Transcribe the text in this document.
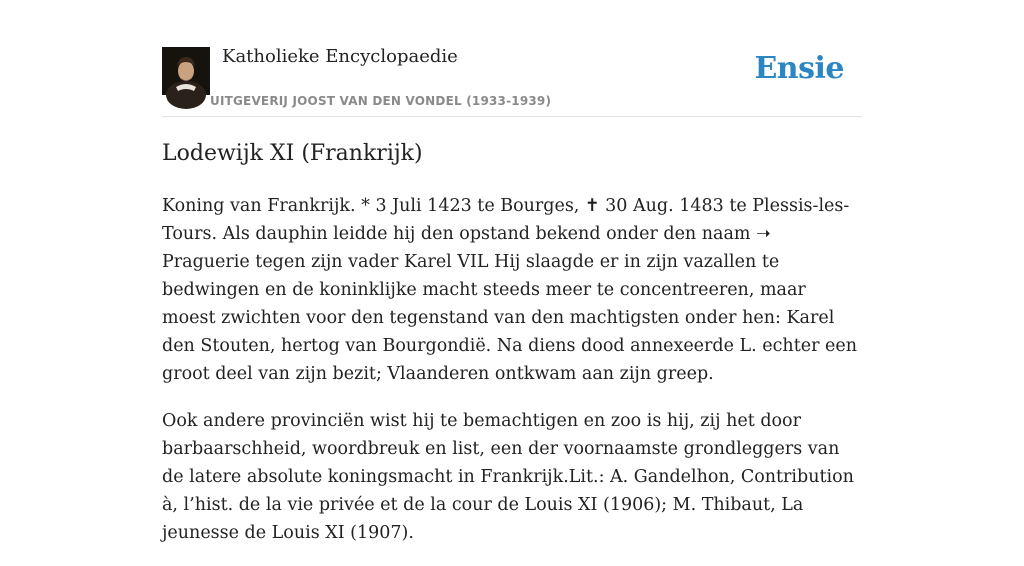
Katholieke Encyclopaedie
UITGEVERIJ JOOST VAN DEN VONDEL (1933-1939)
Ensie
Lodewijk XI (Frankrijk)

Koning van Frankrijk. * 3 Juli 1423 te Bourges, ✝ 30 Aug. 1483 te Plessis-les-Tours. Als dauphin leidde hij den opstand bekend onder den naam ➝ Praguerie tegen zijn vader Karel VIL Hij slaagde er in zijn vazallen te bedwingen en de koninklijke macht steeds meer te concentreeren, maar moest zwichten voor den tegenstand van den machtigsten onder hen: Karel den Stouten, hertog van Bourgondië. Na diens dood annexeerde L. echter een groot deel van zijn bezit; Vlaanderen ontkwam aan zijn greep.

Ook andere provinciën wist hij te bemachtigen en zoo is hij, zij het door barbaarschheid, woordbreuk en list, een der voornaamste grondleggers van de latere absolute koningsmacht in Frankrijk.Lit.: A. Gandelhon, Contribution à, l’hist. de la vie privée et de la cour de Louis XI (1906); M. Thibaut, La jeunesse de Louis XI (1907).
